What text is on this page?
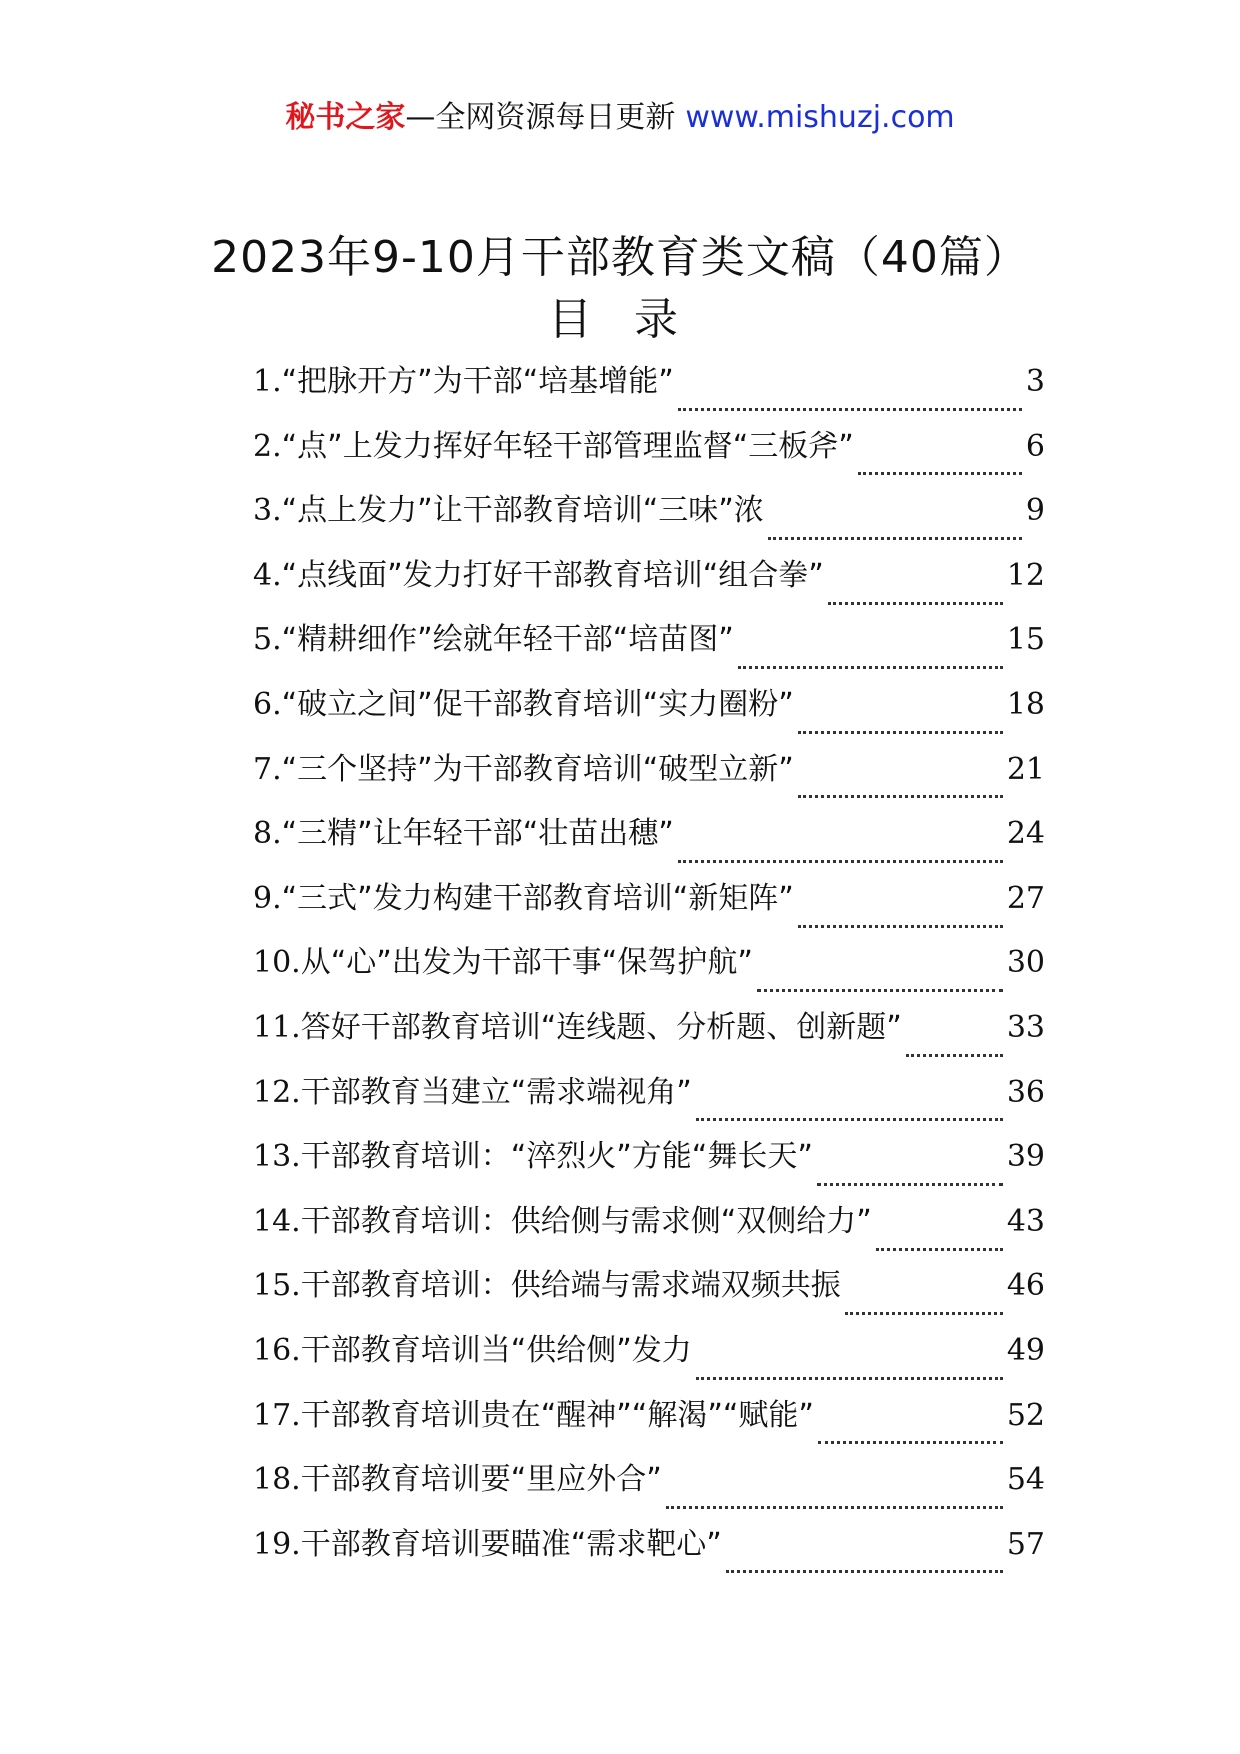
秘书之家—全网资源每日更新 www.mishuzj.com
2023年9-10月干部教育类文稿（40篇）
目 录
1. “把脉开方”为干部“培基增能”	3
2. “点”上发力挥好年轻干部管理监督“三板斧”	6
3. “点上发力”让干部教育培训“三味”浓	9
4. “点线面”发力打好干部教育培训“组合拳”	12
5. “精耕细作”绘就年轻干部“培苗图”	15
6. “破立之间”促干部教育培训“实力圈粉”	18
7. “三个坚持”为干部教育培训“破型立新”	21
8. “三精”让年轻干部“壮苗出穗”	24
9. “三式”发力构建干部教育培训“新矩阵”	27
10. 从“心”出发为干部干事“保驾护航”	30
11. 答好干部教育培训“连线题、分析题、创新题”	33
12. 干部教育当建立“需求端视角”	36
13. 干部教育培训：“淬烈火”方能“舞长天”	39
14. 干部教育培训：供给侧与需求侧“双侧给力”	43
15. 干部教育培训：供给端与需求端双频共振	46
16. 干部教育培训当“供给侧”发力	49
17. 干部教育培训贵在“醒神”“解渴”“赋能”	52
18. 干部教育培训要“里应外合”	54
19. 干部教育培训要瞄准“需求靶心”	57
